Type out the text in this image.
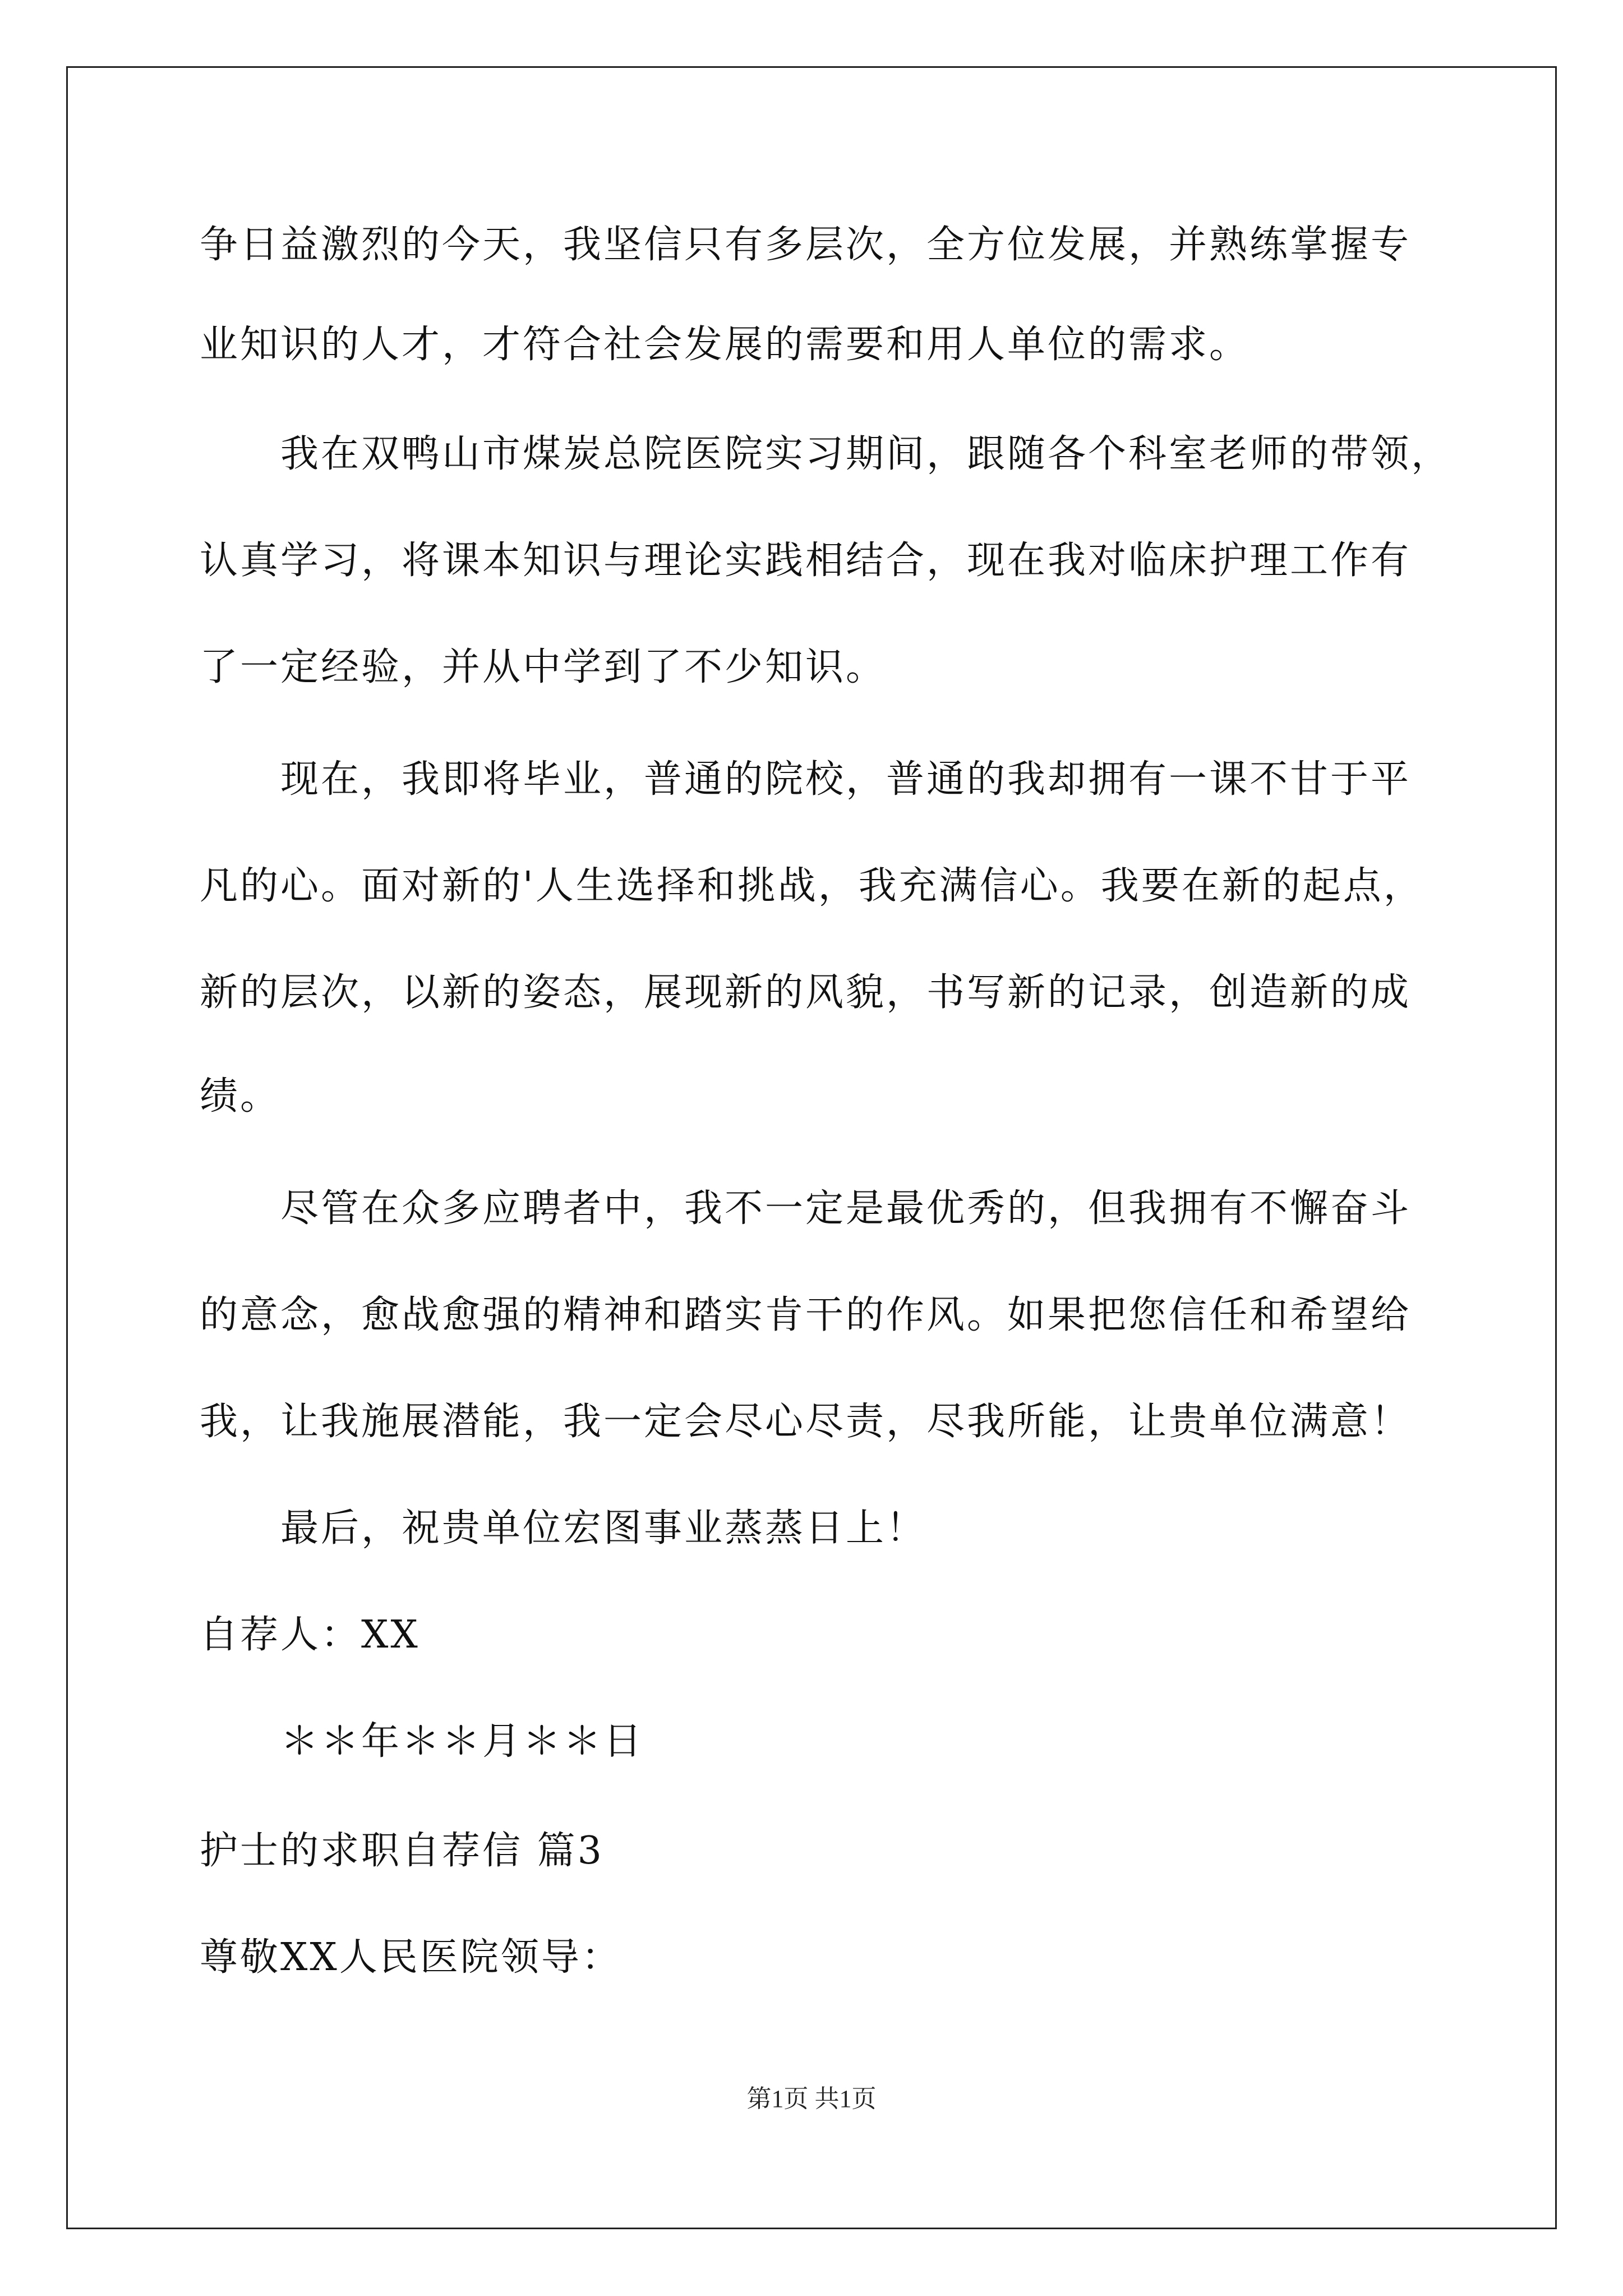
争日益激烈的今天，我坚信只有多层次，全方位发展，并熟练掌握专
业知识的人才，才符合社会发展的需要和用人单位的需求。
我在双鸭山市煤炭总院医院实习期间，跟随各个科室老师的带领，
认真学习，将课本知识与理论实践相结合，现在我对临床护理工作有
了一定经验，并从中学到了不少知识。
现在，我即将毕业，普通的院校，普通的我却拥有一课不甘于平
凡的心。面对新的'人生选择和挑战，我充满信心。我要在新的起点，
新的层次，以新的姿态，展现新的风貌，书写新的记录，创造新的成
绩。
尽管在众多应聘者中，我不一定是最优秀的，但我拥有不懈奋斗
的意念，愈战愈强的精神和踏实肯干的作风。如果把您信任和希望给
我，让我施展潜能，我一定会尽心尽责，尽我所能，让贵单位满意！
最后，祝贵单位宏图事业蒸蒸日上！
自荐人：XX
＊＊年＊＊月＊＊日
护士的求职自荐信 篇3
尊敬XX人民医院领导：
第1页 共1页
